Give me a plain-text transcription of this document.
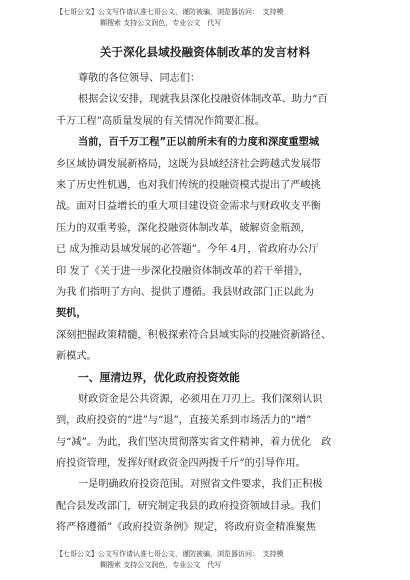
【七哥公文】公文写作请认准七哥公文，谨防被骗，浏览器访问：　支持模
糊搜索 支持公文润色，专业公文　代写
关于深化县域投融资体制改革的发言材料
尊敬的各位领导、同志们：
根据会议安排，现就我县深化投融资体制改革、助力“百
千万工程”高质量发展的有关情况作简要汇报。
当前，百千万工程”正以前所未有的力度和深度重塑城
乡区域协调发展新格局，这既为县域经济社会跨越式发展带
来了历史性机遇，也对我们传统的投融资模式提出了严峻挑
战。面对日益增长的重大项目建设资金需求与财政收支平衡
压力的双重考验，深化投融资体制改革，破解资金瓶颈，
已 成为推动县域发展的必答题”。今年 4月，省政府办公厅
印 发了《关于进一步深化投融资体制改革的若干举措》，
为我 们指明了方向、提供了遵循。我县财政部门正以此为
契机，
深刻把握政策精髓，积极探索符合县域实际的投融资新路径、
新模式。
一、厘清边界，优化政府投资效能
财政资金是公共资源，必须用在刀刃上。我们深刻认识
到，政府投资的“进”与“退”，直接关系到市场活力的“增”
与“减”。为此，我们坚决贯彻落实省文件精神，着力优化　政
府投资管理，发挥好财政资金四两拨千斤”的引导作用。
一是明确政府投资范围。对照省文件要求，我们正积极
配合县发改部门，研究制定我县的政府投资领域目录。我们
将严格遵循”《政府投资条例》规定，将政府资金精准聚焦
【七哥公文】公文写作请认准七哥公文，谨防被骗，浏览器访问：　支持模
糊搜索 支持公文润色，专业公文　代写
